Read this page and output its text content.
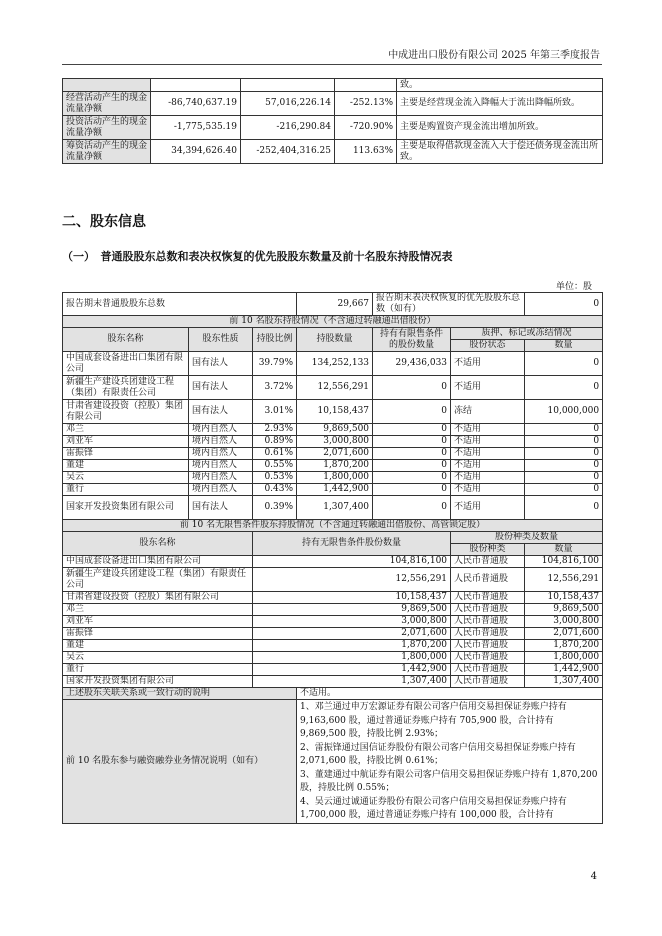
中成进出口股份有限公司 2025 年第三季度报告
				致。
经营活动产生的现金流量净额	-86,740,637.19	57,016,226.14	-252.13%	主要是经营现金流入降幅大于流出降幅所致。
投资活动产生的现金流量净额	-1,775,535.19	-216,290.84	-720.90%	主要是购置资产现金流出增加所致。
筹资活动产生的现金流量净额	34,394,626.40	-252,404,316.25	113.63%	主要是取得借款现金流入大于偿还债务现金流出所致。
二、股东信息
（一）　普通股股东总数和表决权恢复的优先股股东数量及前十名股东持股情况表
单位：股
报告期末普通股股东总数			29,667	报告期末表决权恢复的优先股股东总数（如有）		0
前 10 名股东持股情况（不含通过转融通出借股份）						
股东名称	股东性质	持股比例	持股数量	持有有限售条件的股份数量	质押、标记或冻结情况	
					股份状态	数量
中国成套设备进出口集团有限公司	国有法人	39.79%	134,252,133	29,436,033	不适用	0
新疆生产建设兵团建设工程（集团）有限责任公司	国有法人	3.72%	12,556,291	0	不适用	0
甘肃省建设投资（控股）集团有限公司	国有法人	3.01%	10,158,437	0	冻结	10,000,000
邓兰	境内自然人	2.93%	9,869,500	0	不适用	0
刘亚军	境内自然人	0.89%	3,000,800	0	不适用	0
雷振锋	境内自然人	0.61%	2,071,600	0	不适用	0
董建	境内自然人	0.55%	1,870,200	0	不适用	0
吴云	境内自然人	0.53%	1,800,000	0	不适用	0
董行	境内自然人	0.43%	1,442,900	0	不适用	0
国家开发投资集团有限公司	国有法人	0.39%	1,307,400	0	不适用	0
前 10 名无限售条件股东持股情况（不含通过转融通出借股份、高管锁定股）						
股东名称		持有无限售条件股份数量			股份种类及数量	
					股份种类	数量
中国成套设备进出口集团有限公司		104,816,100			人民币普通股	104,816,100
新疆生产建设兵团建设工程（集团）有限责任公司		12,556,291			人民币普通股	12,556,291
甘肃省建设投资（控股）集团有限公司		10,158,437			人民币普通股	10,158,437
邓兰		9,869,500			人民币普通股	9,869,500
刘亚军		3,000,800			人民币普通股	3,000,800
雷振锋		2,071,600			人民币普通股	2,071,600
董建		1,870,200			人民币普通股	1,870,200
吴云		1,800,000			人民币普通股	1,800,000
董行		1,442,900			人民币普通股	1,442,900
国家开发投资集团有限公司		1,307,400			人民币普通股	1,307,400
上述股东关联关系或一致行动的说明			不适用。			
前 10 名股东参与融资融券业务情况说明（如有）			1、邓兰通过申万宏源证券有限公司客户信用交易担保证券账户持有 9,163,600 股，通过普通证券账户持有 705,900 股，合计持有 9,869,500 股，持股比例 2.93%；
2、雷振锋通过国信证券股份有限公司客户信用交易担保证券账户持有 2,071,600 股，持股比例 0.61%；
3、董建通过中航证券有限公司客户信用交易担保证券账户持有 1,870,200 股，持股比例 0.55%；
4、吴云通过诚通证券股份有限公司客户信用交易担保证券账户持有 1,700,000 股，通过普通证券账户持有 100,000 股，合计持有			
4
